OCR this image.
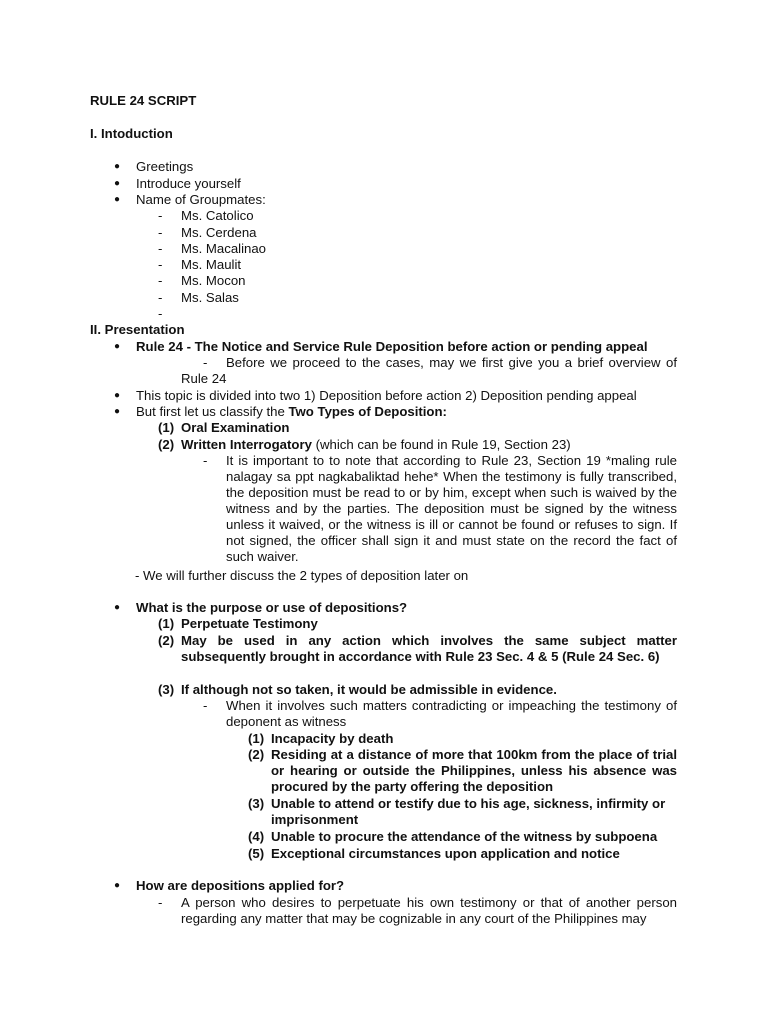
RULE 24 SCRIPT
I. Intoduction
● Greetings
● Introduce yourself
● Name of Groupmates:
- Ms. Catolico
- Ms. Cerdena
- Ms. Macalinao
- Ms. Maulit
- Ms. Mocon
- Ms. Salas
-
II. Presentation
● Rule 24 - The Notice and Service Rule Deposition before action or pending appeal
-	Before we proceed to the cases, may we first give you a brief overview of Rule 24
● This topic is divided into two 1) Deposition before action 2) Deposition pending appeal
● But first let us classify the Two Types of Deposition:
(1) Oral Examination
(2) Written Interrogatory (which can be found in Rule 19, Section 23)
- It is important to to note that according to Rule 23, Section 19 *maling rule nalagay sa ppt nagkabaliktad hehe* When the testimony is fully transcribed, the deposition must be read to or by him, except when such is waived by the witness and by the parties. The deposition must be signed by the witness unless it waived, or the witness is ill or cannot be found or refuses to sign. If not signed, the officer shall sign it and must state on the record the fact of such waiver.
- We will further discuss the 2 types of deposition later on
● What is the purpose or use of depositions?
(1) Perpetuate Testimony
(2) May be used in any action which involves the same subject matter subsequently brought in accordance with Rule 23 Sec. 4 & 5 (Rule 24 Sec. 6)
(3) If although not so taken, it would be admissible in evidence.
- When it involves such matters contradicting or impeaching the testimony of deponent as witness
(1) Incapacity by death
(2) Residing at a distance of more that 100km from the place of trial or hearing or outside the Philippines, unless his absence was procured by the party offering the deposition
(3) Unable to attend or testify due to his age, sickness, infirmity or imprisonment
(4) Unable to procure the attendance of the witness by subpoena
(5) Exceptional circumstances upon application and notice
● How are depositions applied for?
- A person who desires to perpetuate his own testimony or that of another person regarding any matter that may be cognizable in any court of the Philippines may
